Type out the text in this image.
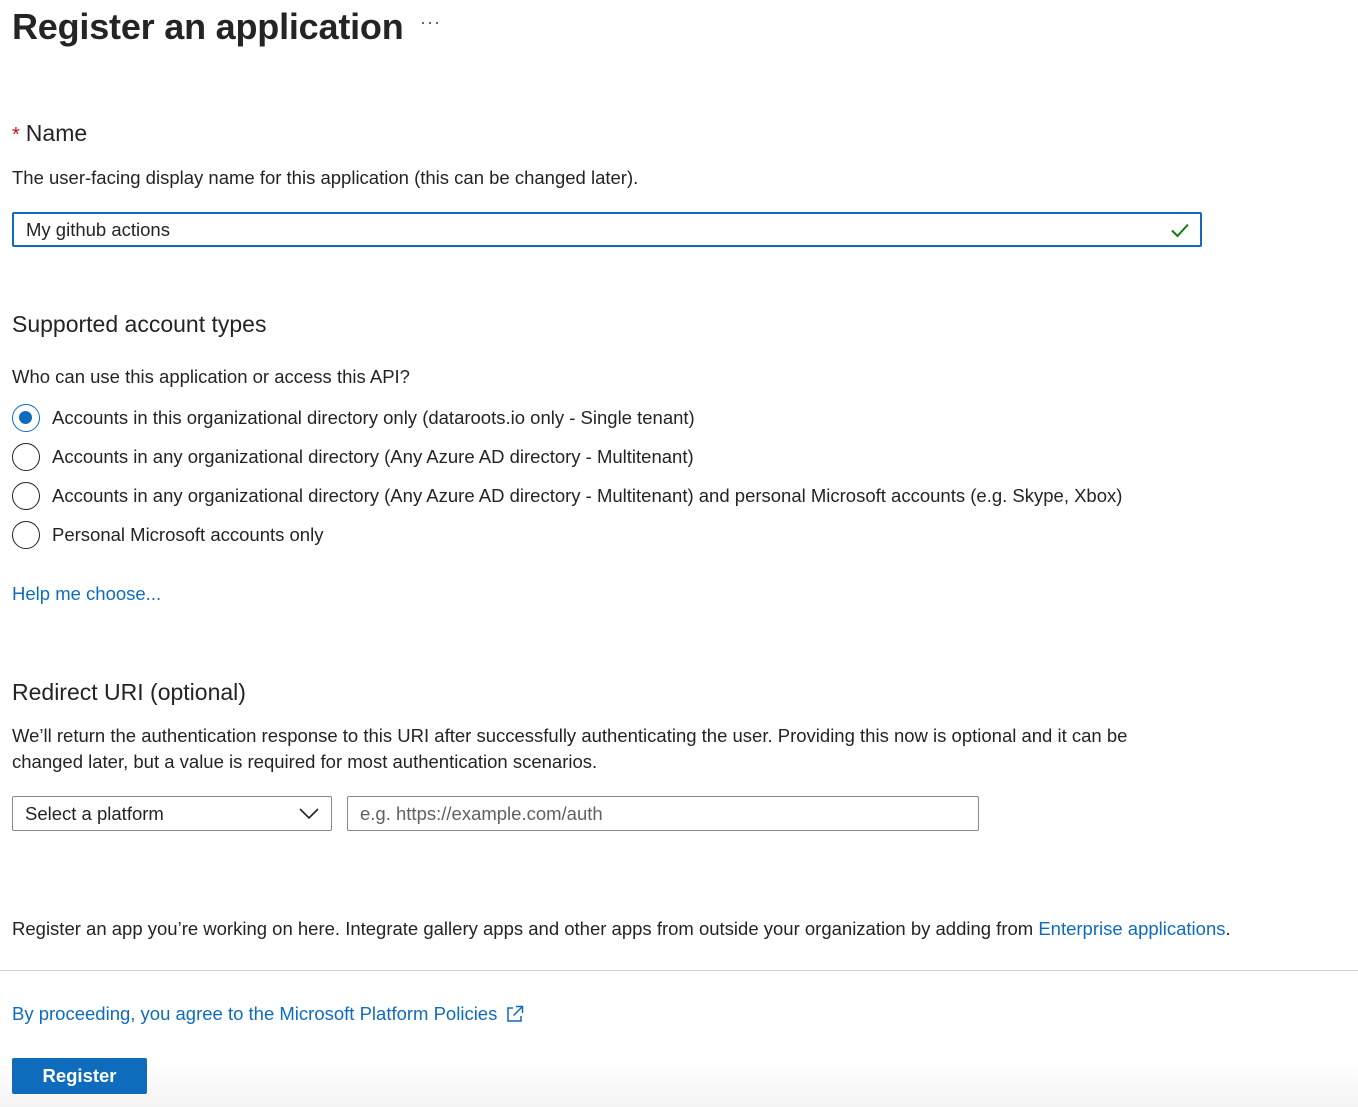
Register an application ···
* Name
The user-facing display name for this application (this can be changed later).
My github actions
Supported account types
Who can use this application or access this API?
Accounts in this organizational directory only (dataroots.io only - Single tenant)
Accounts in any organizational directory (Any Azure AD directory - Multitenant)
Accounts in any organizational directory (Any Azure AD directory - Multitenant) and personal Microsoft accounts (e.g. Skype, Xbox)
Personal Microsoft accounts only
Help me choose...
Redirect URI (optional)
We’ll return the authentication response to this URI after successfully authenticating the user. Providing this now is optional and it can be changed later, but a value is required for most authentication scenarios.
Select a platform
e.g. https://example.com/auth
Register an app you’re working on here. Integrate gallery apps and other apps from outside your organization by adding from Enterprise applications.
By proceeding, you agree to the Microsoft Platform Policies
Register
